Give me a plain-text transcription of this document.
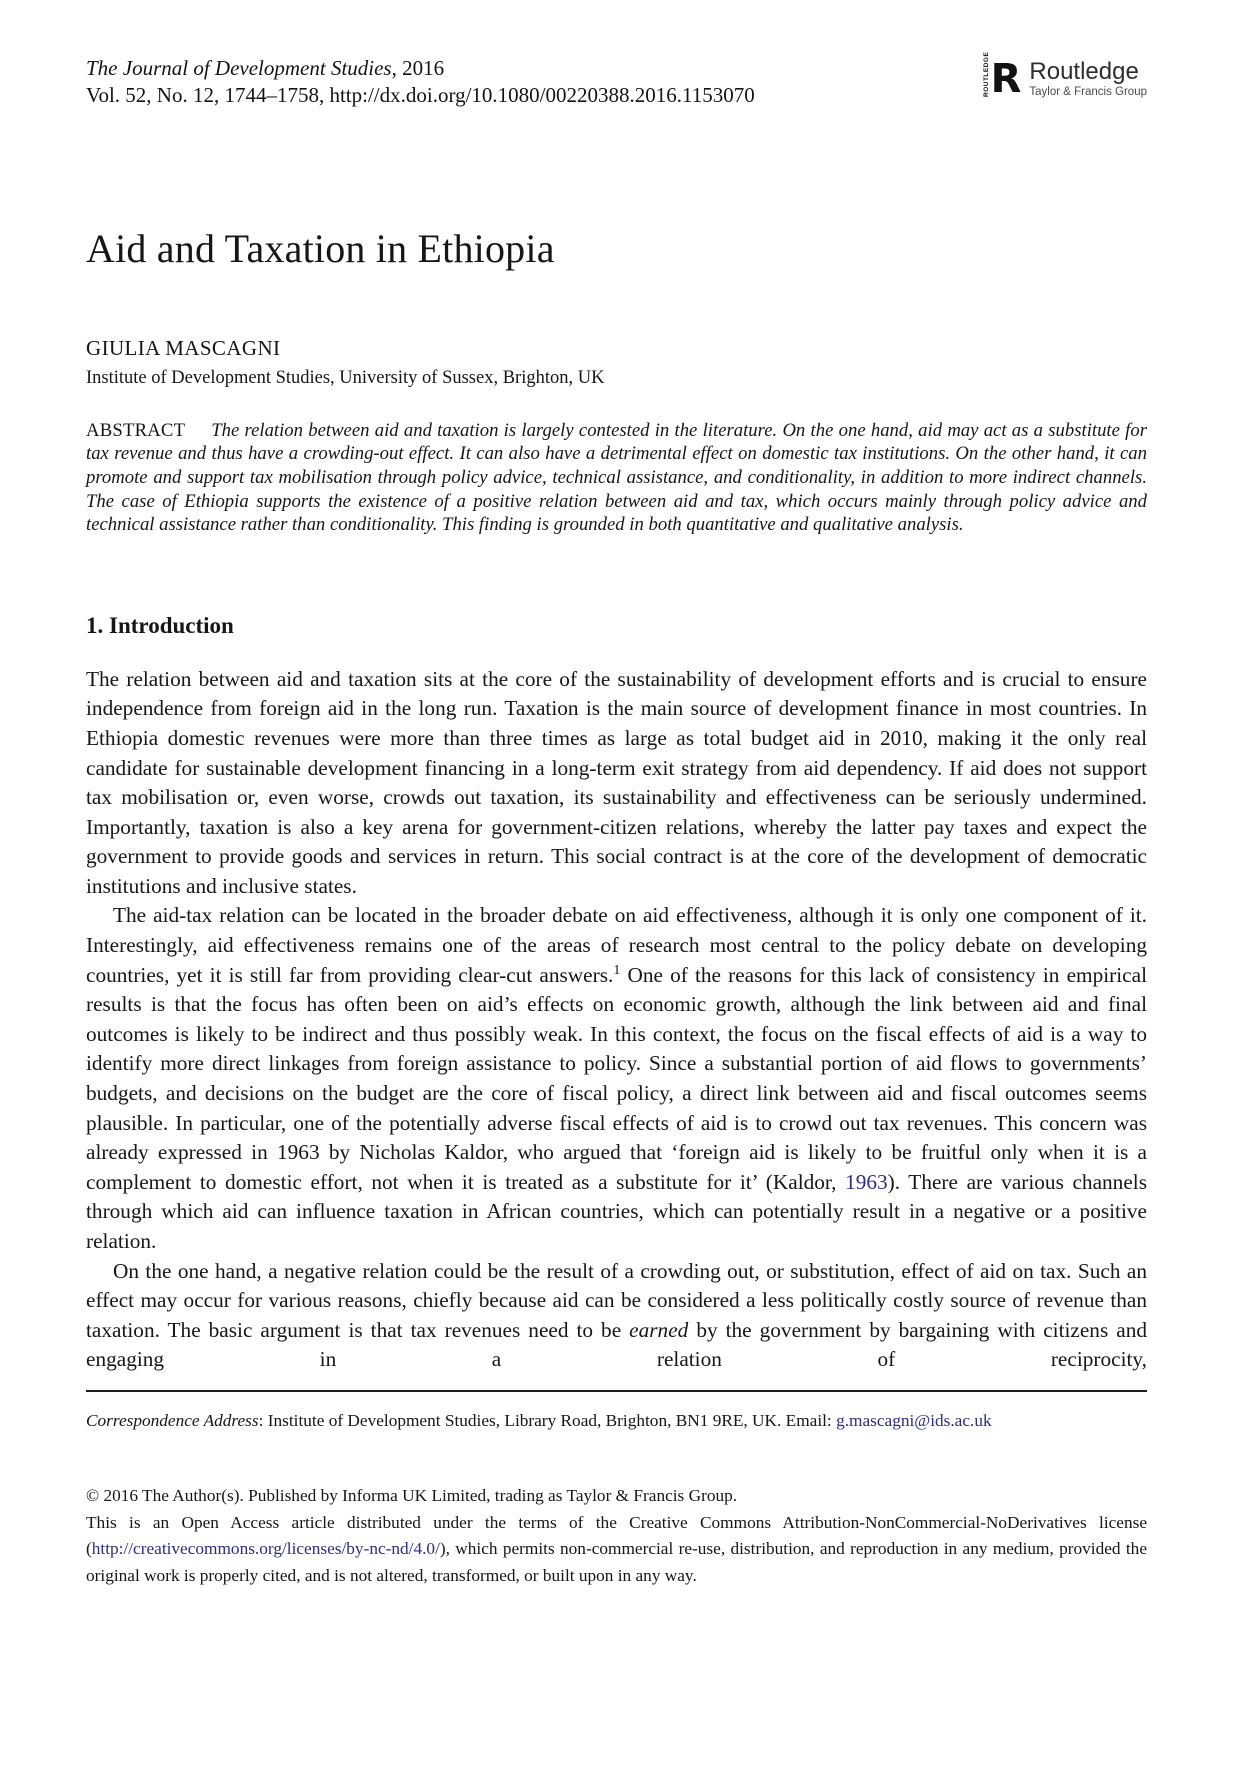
The Journal of Development Studies, 2016
Vol. 52, No. 12, 1744–1758, http://dx.doi.org/10.1080/00220388.2016.1153070	ROUTLEDGE R Routledge
Taylor & Francis Group
Aid and Taxation in Ethiopia
GIULIA MASCAGNI
Institute of Development Studies, University of Sussex, Brighton, UK

ABSTRACT The relation between aid and taxation is largely contested in the literature. On the one hand, aid may act as a substitute for tax revenue and thus have a crowding-out effect. It can also have a detrimental effect on domestic tax institutions. On the other hand, it can promote and support tax mobilisation through policy advice, technical assistance, and conditionality, in addition to more indirect channels. The case of Ethiopia supports the existence of a positive relation between aid and tax, which occurs mainly through policy advice and technical assistance rather than conditionality. This finding is grounded in both quantitative and qualitative analysis.

1. Introduction

The relation between aid and taxation sits at the core of the sustainability of development efforts and is crucial to ensure independence from foreign aid in the long run. Taxation is the main source of development finance in most countries. In Ethiopia domestic revenues were more than three times as large as total budget aid in 2010, making it the only real candidate for sustainable development financing in a long-term exit strategy from aid dependency. If aid does not support tax mobilisation or, even worse, crowds out taxation, its sustainability and effectiveness can be seriously undermined. Importantly, taxation is also a key arena for government-citizen relations, whereby the latter pay taxes and expect the government to provide goods and services in return. This social contract is at the core of the development of democratic institutions and inclusive states.

The aid-tax relation can be located in the broader debate on aid effectiveness, although it is only one component of it. Interestingly, aid effectiveness remains one of the areas of research most central to the policy debate on developing countries, yet it is still far from providing clear-cut answers.$^1$ One of the reasons for this lack of consistency in empirical results is that the focus has often been on aid’s effects on economic growth, although the link between aid and final outcomes is likely to be indirect and thus possibly weak. In this context, the focus on the fiscal effects of aid is a way to identify more direct linkages from foreign assistance to policy. Since a substantial portion of aid flows to governments’ budgets, and decisions on the budget are the core of fiscal policy, a direct link between aid and fiscal outcomes seems plausible. In particular, one of the potentially adverse fiscal effects of aid is to crowd out tax revenues. This concern was already expressed in 1963 by Nicholas Kaldor, who argued that ‘foreign aid is likely to be fruitful only when it is a complement to domestic effort, not when it is treated as a substitute for it’ (Kaldor, 1963). There are various channels through which aid can influence taxation in African countries, which can potentially result in a negative or a positive relation.

On the one hand, a negative relation could be the result of a crowding out, or substitution, effect of aid on tax. Such an effect may occur for various reasons, chiefly because aid can be considered a less politically costly source of revenue than taxation. The basic argument is that tax revenues need to be earned by the government by bargaining with citizens and engaging in a relation of reciprocity,

Correspondence Address: Institute of Development Studies, Library Road, Brighton, BN1 9RE, UK. Email: g.mascagni@ids.ac.uk

© 2016 The Author(s). Published by Informa UK Limited, trading as Taylor & Francis Group.
This is an Open Access article distributed under the terms of the Creative Commons Attribution-NonCommercial-NoDerivatives license (http://creativecommons.org/licenses/by-nc-nd/4.0/), which permits non-commercial re-use, distribution, and reproduction in any medium, provided the original work is properly cited, and is not altered, transformed, or built upon in any way.
